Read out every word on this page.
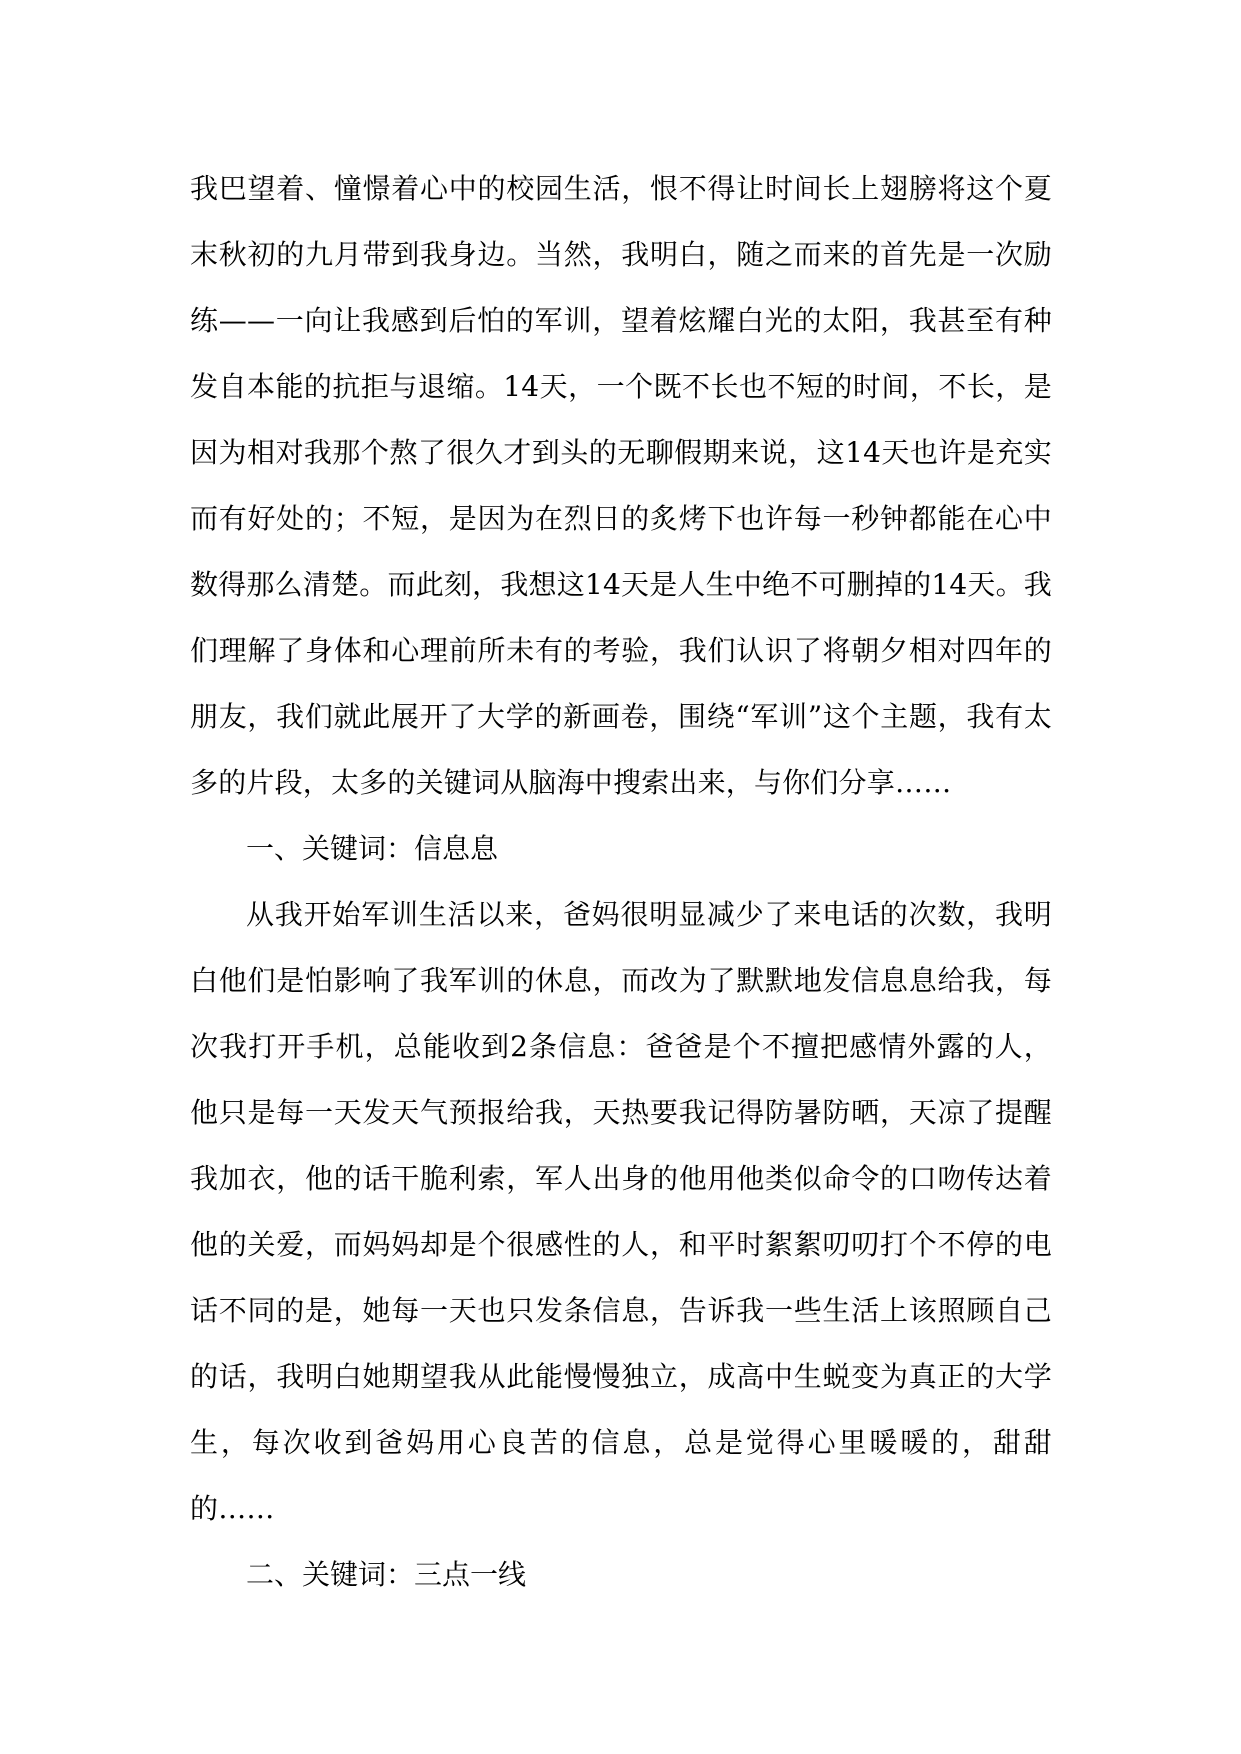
我巴望着、憧憬着心中的校园生活，恨不得让时间长上翅膀将这个夏末秋初的九月带到我身边。当然，我明白，随之而来的首先是一次励练——一向让我感到后怕的军训，望着炫耀白光的太阳，我甚至有种发自本能的抗拒与退缩。14天，一个既不长也不短的时间，不长，是因为相对我那个熬了很久才到头的无聊假期来说，这14天也许是充实而有好处的；不短，是因为在烈日的炙烤下也许每一秒钟都能在心中数得那么清楚。而此刻，我想这14天是人生中绝不可删掉的14天。我们理解了身体和心理前所未有的考验，我们认识了将朝夕相对四年的朋友，我们就此展开了大学的新画卷，围绕“军训”这个主题，我有太多的片段，太多的关键词从脑海中搜索出来，与你们分享……

一、关键词：信息息

从我开始军训生活以来，爸妈很明显减少了来电话的次数，我明白他们是怕影响了我军训的休息，而改为了默默地发信息息给我，每次我打开手机，总能收到2条信息：爸爸是个不擅把感情外露的人，他只是每一天发天气预报给我，天热要我记得防暑防晒，天凉了提醒我加衣，他的话干脆利索，军人出身的他用他类似命令的口吻传达着他的关爱，而妈妈却是个很感性的人，和平时絮絮叨叨打个不停的电话不同的是，她每一天也只发条信息，告诉我一些生活上该照顾自己的话，我明白她期望我从此能慢慢独立，成高中生蜕变为真正的大学生，每次收到爸妈用心良苦的信息，总是觉得心里暖暖的，甜甜的……

二、关键词：三点一线
